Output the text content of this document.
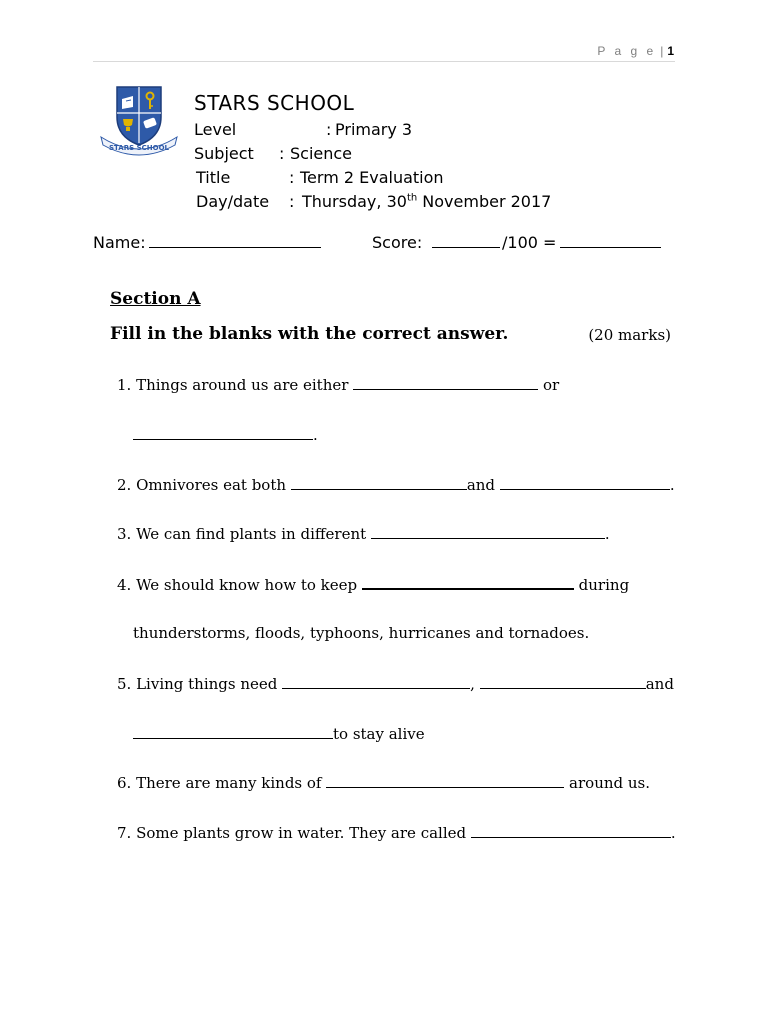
P a g e | 1
STARS SCHOOL
STARS SCHOOL
Level	: Primary 3
Subject : Science
Title	: Term 2 Evaluation
Day/date : Thursday, 30th November 2017
Name:	Score:	/100 =
Section A
Fill in the blanks with the correct answer.	(20 marks)
1. Things around us are either	or
.
2. Omnivores eat both	and	.
3. We can find plants in different	.
4. We should know how to keep	during
thunderstorms, floods, typhoons, hurricanes and tornadoes.
5. Living things need	,	and
to stay alive
6. There are many kinds of	around us.
7. Some plants grow in water. They are called	.
